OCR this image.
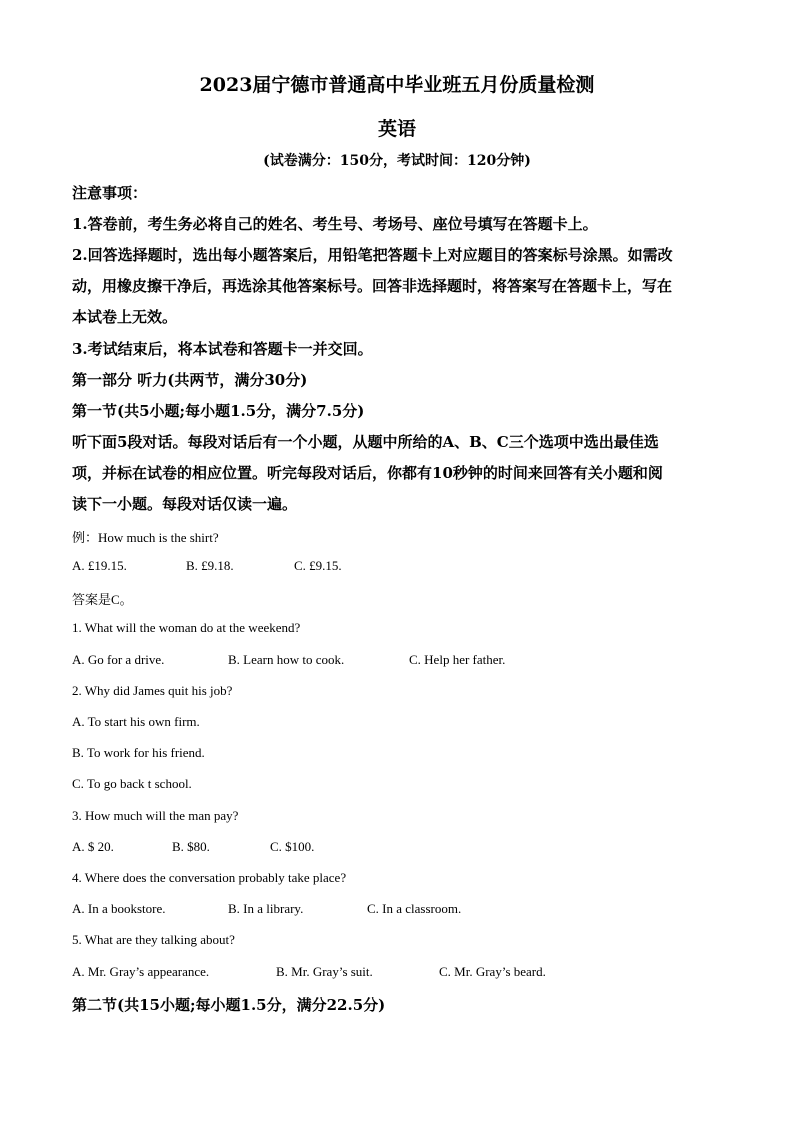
2023届宁德市普通高中毕业班五月份质量检测
英语
(试卷满分：150分，考试时间：120分钟)
注意事项：
1.答卷前，考生务必将自己的姓名、考生号、考场号、座位号填写在答题卡上。
2.回答选择题时，选出每小题答案后，用铅笔把答题卡上对应题目的答案标号涂黑。如需改
动，用橡皮擦干净后，再选涂其他答案标号。回答非选择题时，将答案写在答题卡上，写在
本试卷上无效。
3.考试结束后，将本试卷和答题卡一并交回。
第一部分 听力(共两节，满分30分)
第一节(共5小题;每小题1.5分，满分7.5分)
听下面5段对话。每段对话后有一个小题，从题中所给的A、B、C三个选项中选出最佳选
项，并标在试卷的相应位置。听完每段对话后，你都有10秒钟的时间来回答有关小题和阅
读下一小题。每段对话仅读一遍。
例：How much is the shirt?
A. £19.15.	B. £9.18.	C. £9.15.
答案是C。
1. What will the woman do at the weekend?
A. Go for a drive.	B. Learn how to cook.	C. Help her father.
2. Why did James quit his job?
A. To start his own firm.
B. To work for his friend.
C. To go back t school.
3. How much will the man pay?
A. $ 20.	B. $80.	C. $100.
4. Where does the conversation probably take place?
A. In a bookstore.	B. In a library.	C. In a classroom.
5. What are they talking about?
A. Mr. Gray’s appearance.	B. Mr. Gray’s suit.	C. Mr. Gray’s beard.
第二节(共15小题;每小题1.5分，满分22.5分)
